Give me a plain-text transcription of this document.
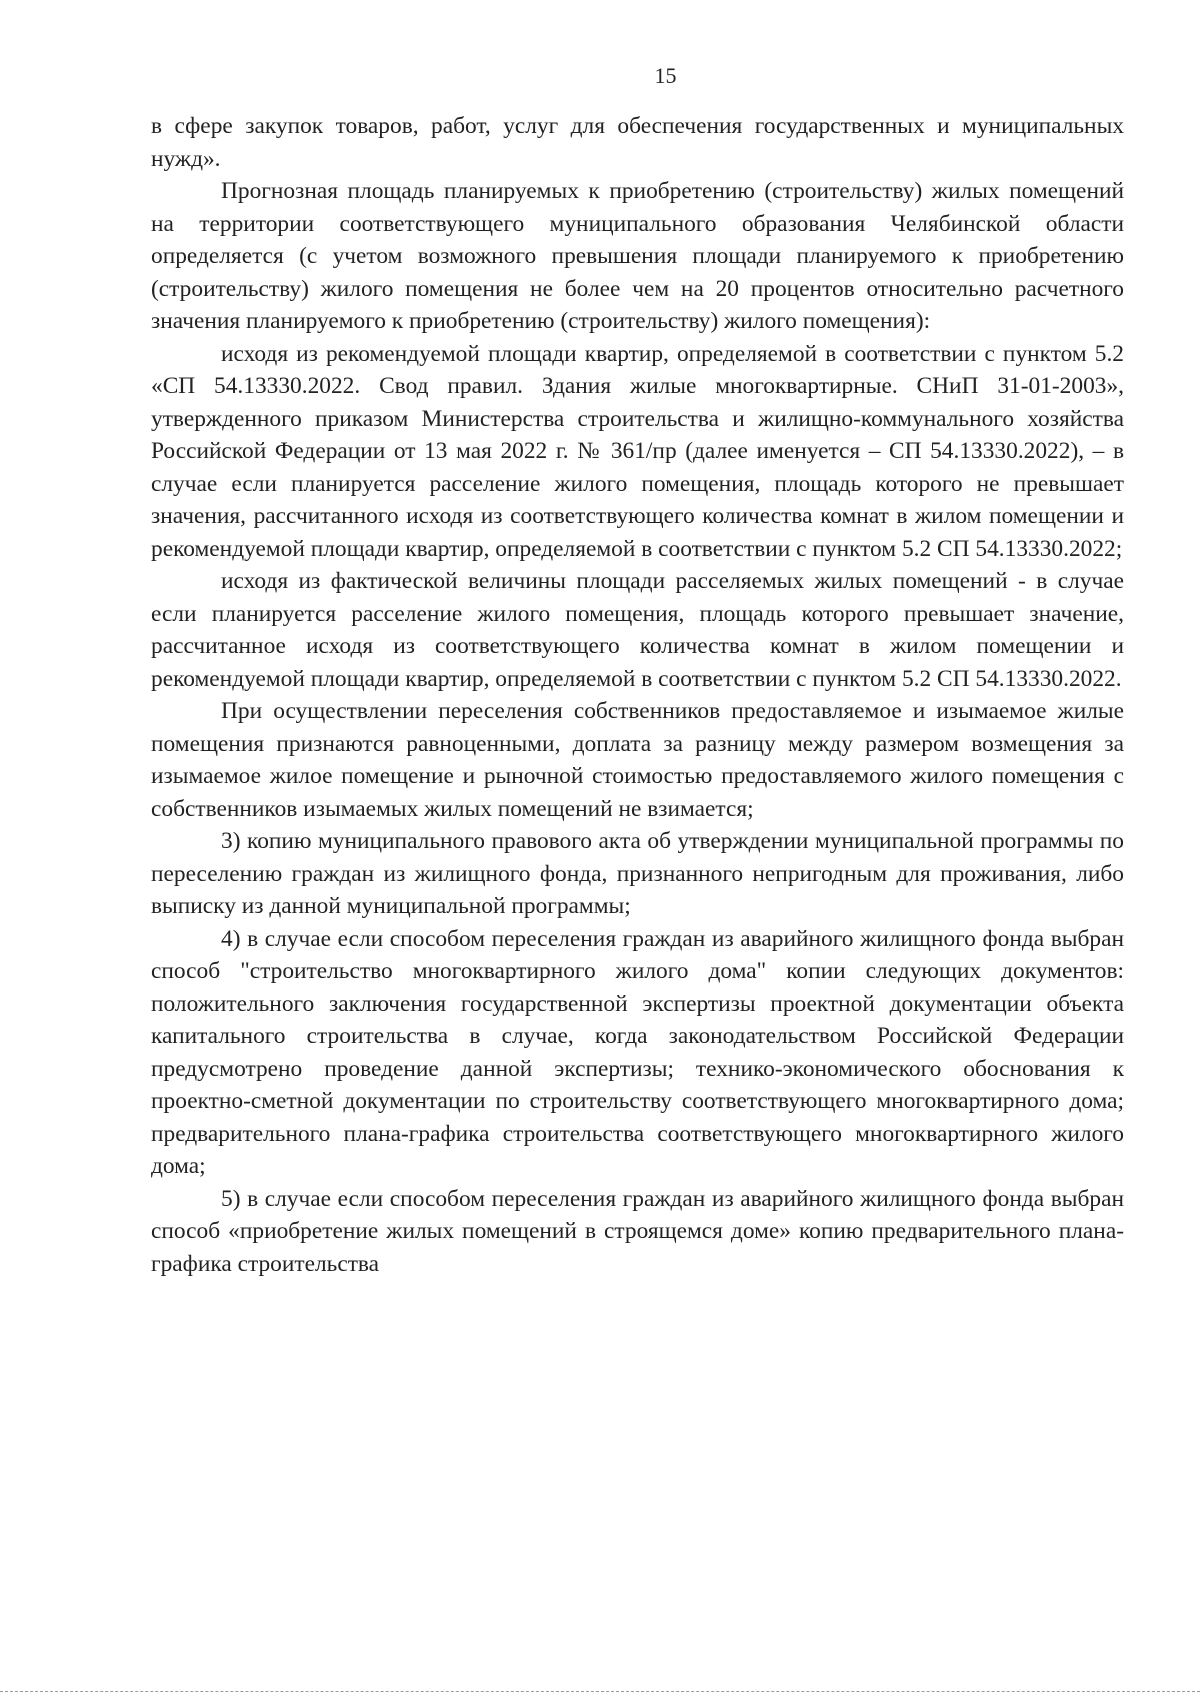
15

в сфере закупок товаров, работ, услуг для обеспечения государственных и муниципальных нужд».

Прогнозная площадь планируемых к приобретению (строительству) жилых помещений на территории соответствующего муниципального образования Челябинской области определяется (с учетом возможного превышения площади планируемого к приобретению (строительству) жилого помещения не более чем на 20 процентов относительно расчетного значения планируемого к приобретению (строительству) жилого помещения):

исходя из рекомендуемой площади квартир, определяемой в соответствии с пунктом 5.2 «СП 54.13330.2022. Свод правил. Здания жилые многоквартирные. СНиП 31-01-2003», утвержденного приказом Министерства строительства и жилищно-коммунального хозяйства Российской Федерации от 13 мая 2022 г. № 361/пр (далее именуется – СП 54.13330.2022), – в случае если планируется расселение жилого помещения, площадь которого не превышает значения, рассчитанного исходя из соответствующего количества комнат в жилом помещении и рекомендуемой площади квартир, определяемой в соответствии с пунктом 5.2 СП 54.13330.2022;

исходя из фактической величины площади расселяемых жилых помещений - в случае если планируется расселение жилого помещения, площадь которого превышает значение, рассчитанное исходя из соответствующего количества комнат в жилом помещении и рекомендуемой площади квартир, определяемой в соответствии с пунктом 5.2 СП 54.13330.2022.

При осуществлении переселения собственников предоставляемое и изымаемое жилые помещения признаются равноценными, доплата за разницу между размером возмещения за изымаемое жилое помещение и рыночной стоимостью предоставляемого жилого помещения с собственников изымаемых жилых помещений не взимается;

3) копию муниципального правового акта об утверждении муниципальной программы по переселению граждан из жилищного фонда, признанного непригодным для проживания, либо выписку из данной муниципальной программы;

4) в случае если способом переселения граждан из аварийного жилищного фонда выбран способ "строительство многоквартирного жилого дома" копии следующих документов: положительного заключения государственной экспертизы проектной документации объекта капитального строительства в случае, когда законодательством Российской Федерации предусмотрено проведение данной экспертизы; технико-экономического обоснования к проектно-сметной документации по строительству соответствующего многоквартирного дома; предварительного плана-графика строительства соответствующего многоквартирного жилого дома;

5) в случае если способом переселения граждан из аварийного жилищного фонда выбран способ «приобретение жилых помещений в строящемся доме» копию предварительного плана-графика строительства
